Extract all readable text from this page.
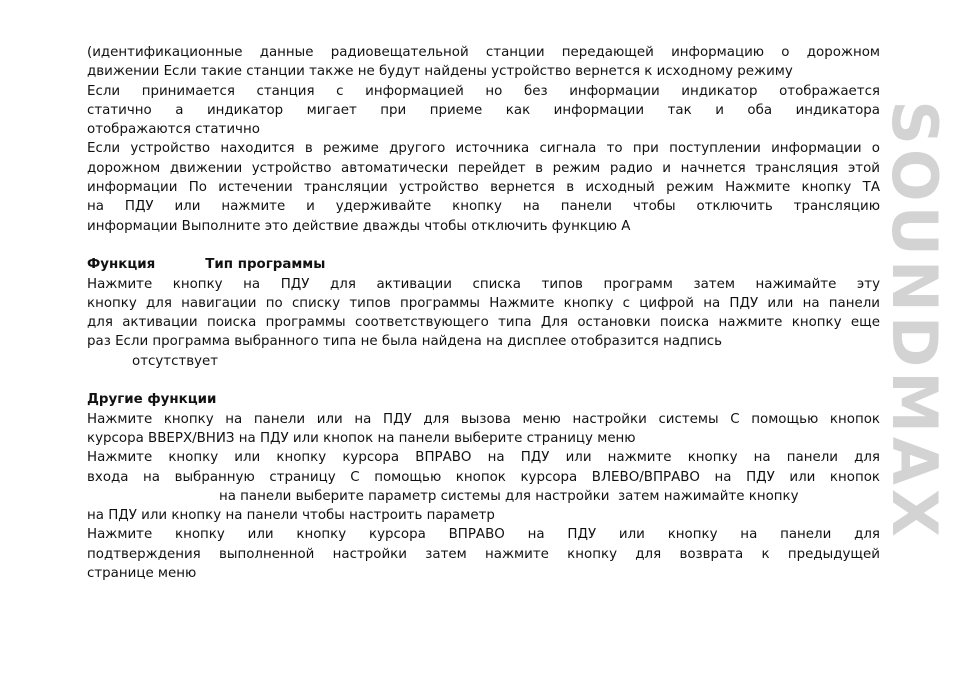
(идентификационные данные радиовещательной станции передающей информацию о дорожном
движении Если такие станции также не будут найдены устройство вернется к исходному режиму
Если принимается станция с информацией но без информации индикатор отображается
статично а индикатор мигает при приеме как информации так и оба индикатора
отображаются статично
Если устройство находится в режиме другого источника сигнала то при поступлении информации о
дорожном движении устройство автоматически перейдет в режим радио и начнется трансляция этой
информации По истечении трансляции устройство вернется в исходный режим Нажмите кнопку ТА
на ПДУ или нажмите и удерживайте кнопку на панели чтобы отключить трансляцию
информации Выполните это действие дважды чтобы отключить функцию А
Функция	Тип программы
Нажмите кнопку на ПДУ для активации списка типов программ затем нажимайте эту
кнопку для навигации по списку типов программы Нажмите кнопку с цифрой на ПДУ или на панели
для активации поиска программы соответствующего типа Для остановки поиска нажмите кнопку еще
раз Если программа выбранного типа не была найдена на дисплее отобразится надпись
отсутствует
Другие функции
Нажмите кнопку на панели или на ПДУ для вызова меню настройки системы С помощью кнопок
курсора ВВЕРХ/ВНИЗ на ПДУ или кнопок на панели выберите страницу меню
Нажмите кнопку или кнопку курсора ВПРАВО на ПДУ или нажмите кнопку на панели для
входа на выбранную страницу С помощью кнопок курсора ВЛЕВО/ВПРАВО на ПДУ или кнопок
на панели выберите параметр системы для настройки  затем нажимайте кнопку
на ПДУ или кнопку на панели чтобы настроить параметр
Нажмите кнопку или кнопку курсора ВПРАВО на ПДУ или кнопку на панели для
подтверждения выполненной настройки затем нажмите кнопку для возврата к предыдущей
странице меню
SOUNDMAX
